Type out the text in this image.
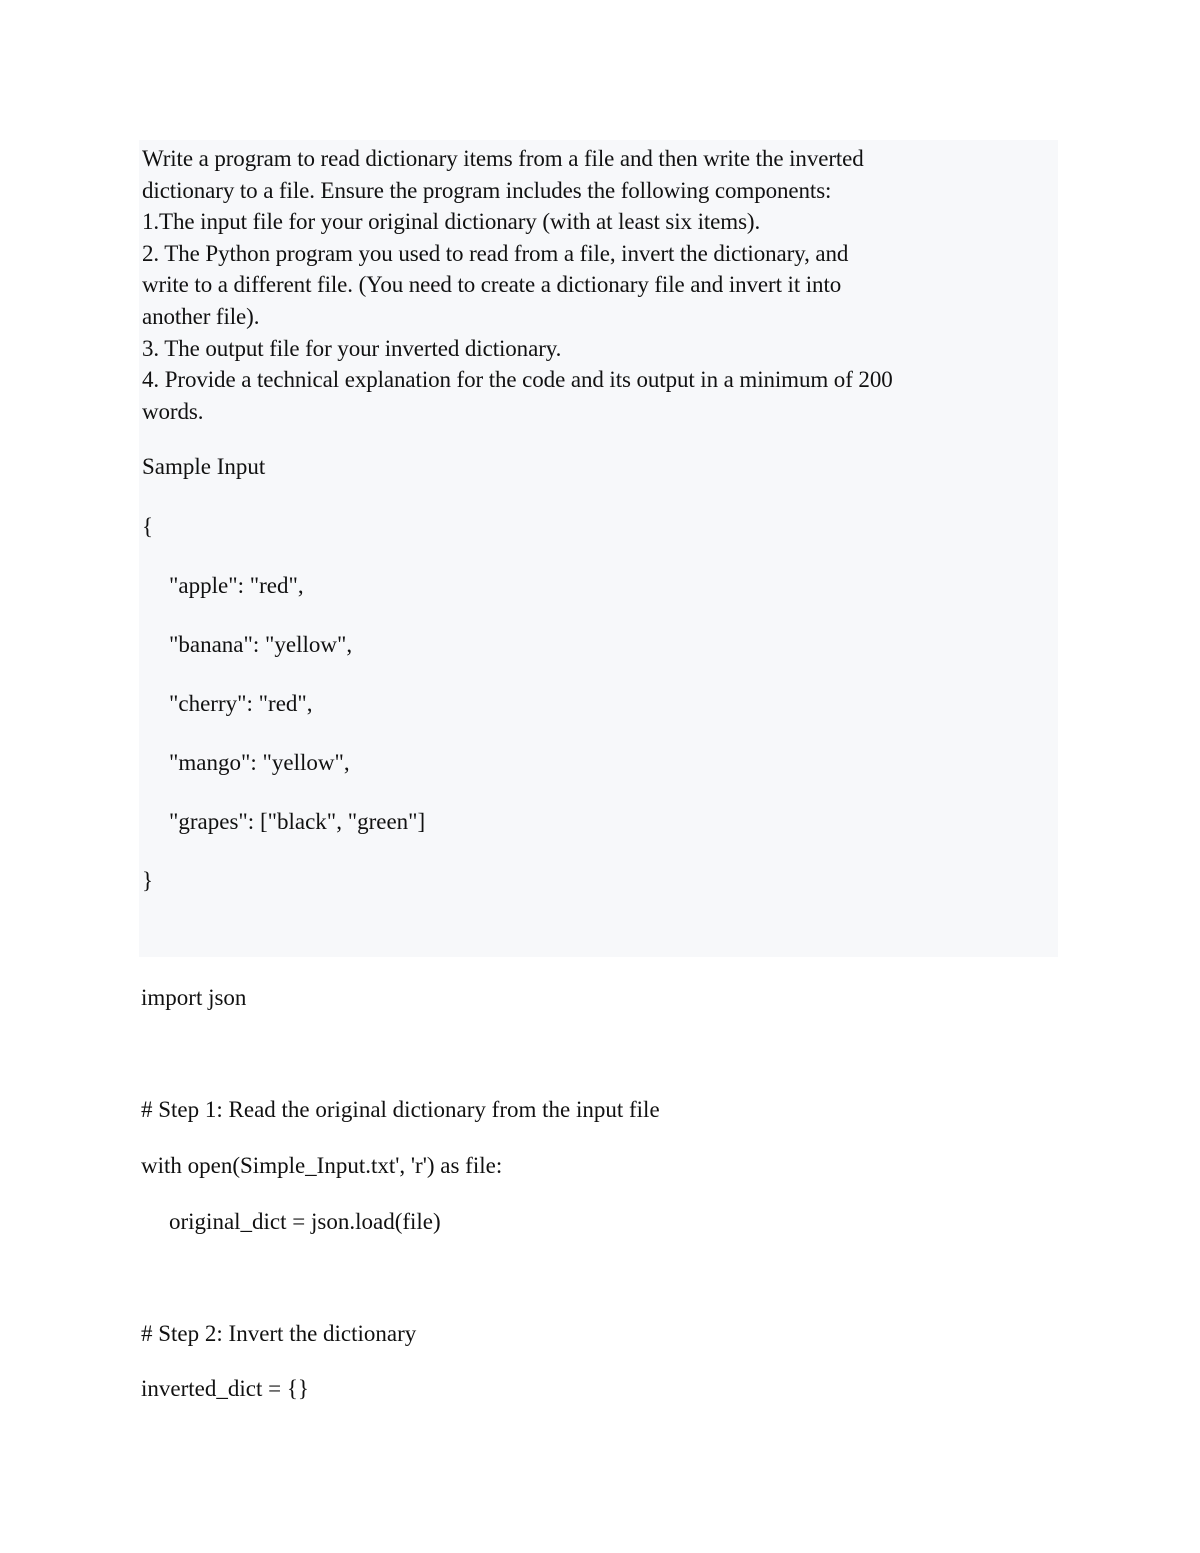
Write a program to read dictionary items from a file and then write the inverted
dictionary to a file. Ensure the program includes the following components:
1.The input file for your original dictionary (with at least six items).
2. The Python program you used to read from a file, invert the dictionary, and
write to a different file. (You need to create a dictionary file and invert it into
another file).
3. The output file for your inverted dictionary.
4. Provide a technical explanation for the code and its output in a minimum of 200
words.
Sample Input
{
"apple": "red",
"banana": "yellow",
"cherry": "red",
"mango": "yellow",
"grapes": ["black", "green"]
}
import json
# Step 1: Read the original dictionary from the input file
with open(Simple_Input.txt', 'r') as file:
original_dict = json.load(file)
# Step 2: Invert the dictionary
inverted_dict = {}
